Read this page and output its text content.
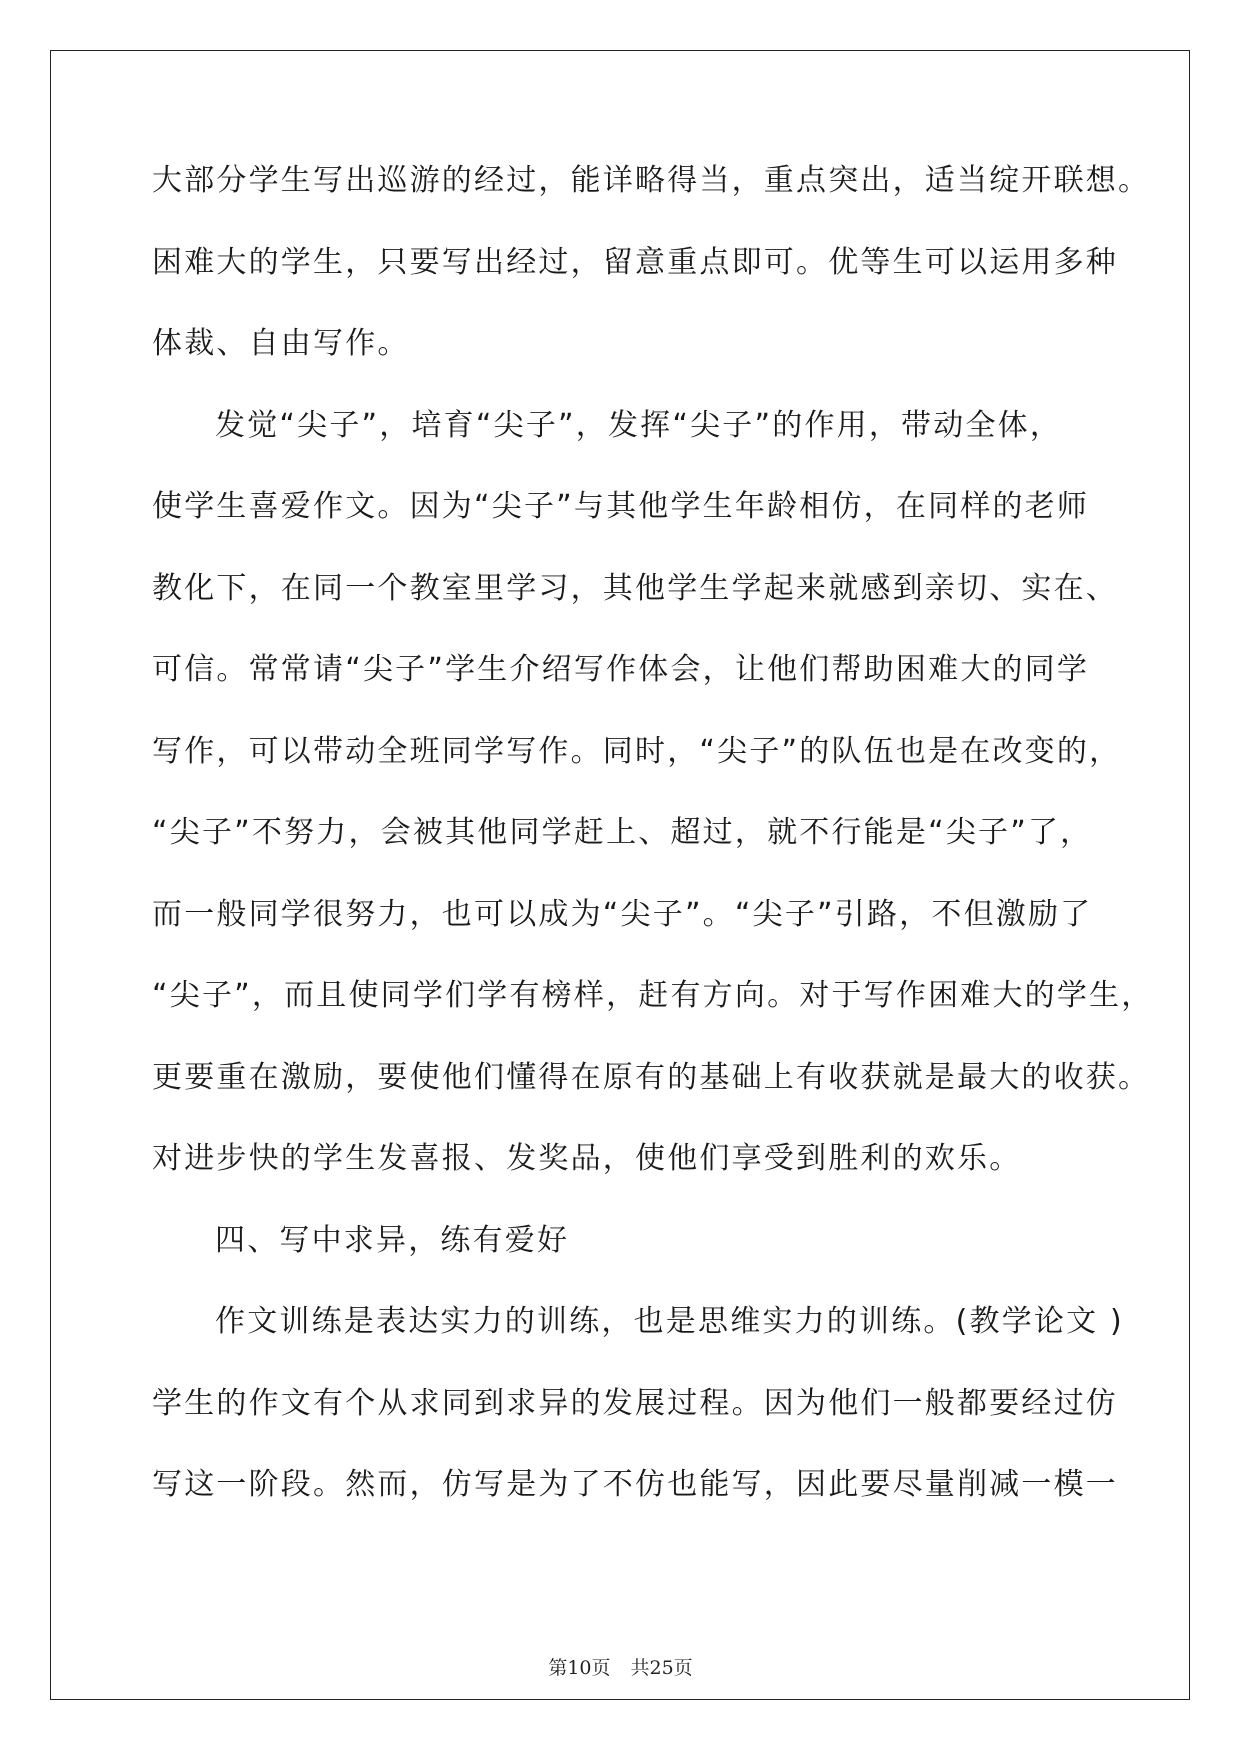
大部分学生写出巡游的经过，能详略得当，重点突出，适当绽开联想。
困难大的学生，只要写出经过，留意重点即可。优等生可以运用多种
体裁、自由写作。
发觉“尖子”，培育“尖子”，发挥“尖子”的作用，带动全体，
使学生喜爱作文。因为“尖子”与其他学生年龄相仿，在同样的老师
教化下，在同一个教室里学习，其他学生学起来就感到亲切、实在、
可信。常常请“尖子”学生介绍写作体会，让他们帮助困难大的同学
写作，可以带动全班同学写作。同时，“尖子”的队伍也是在改变的，
“尖子”不努力，会被其他同学赶上、超过，就不行能是“尖子”了，
而一般同学很努力，也可以成为“尖子”。“尖子”引路，不但激励了
“尖子”，而且使同学们学有榜样，赶有方向。对于写作困难大的学生，
更要重在激励，要使他们懂得在原有的基础上有收获就是最大的收获。
对进步快的学生发喜报、发奖品，使他们享受到胜利的欢乐。
四、写中求异，练有爱好
作文训练是表达实力的训练，也是思维实力的训练。(教学论文 )
学生的作文有个从求同到求异的发展过程。因为他们一般都要经过仿
写这一阶段。然而，仿写是为了不仿也能写，因此要尽量削减一模一
第10页 共25页
